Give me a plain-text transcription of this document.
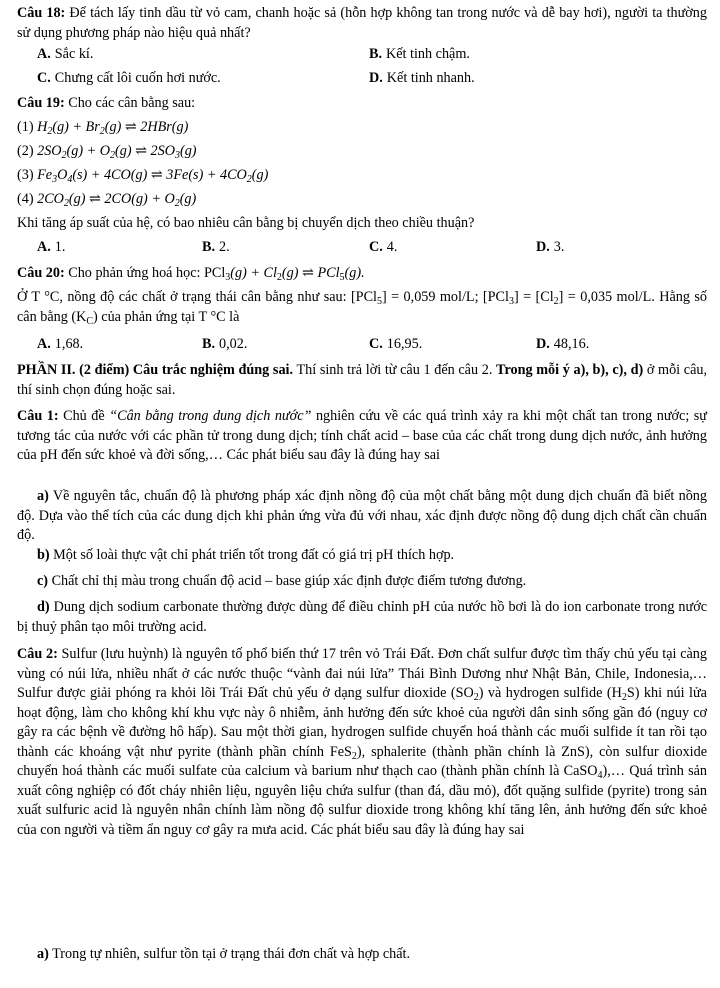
Câu 18: Để tách lấy tinh dầu từ vỏ cam, chanh hoặc sả (hỗn hợp không tan trong nước và dễ bay hơi), người ta thường sử dụng phương pháp nào hiệu quả nhất?
A. Sắc kí.	B. Kết tinh chậm.
C. Chưng cất lôi cuốn hơi nước.	D. Kết tinh nhanh.
Câu 19: Cho các cân bằng sau:
(1) $H_2(g) + Br_2(g)$ ⇌ 2HBr(g)
(2) $2SO_2(g) + O_2(g)$ ⇌ $2SO_3(g)$
(3) $Fe_3O_4(s) + 4CO(g)$ ⇌ $3Fe(s) + 4CO_2(g)$
(4) $2CO_2(g)$ ⇌ $2CO(g) + O_2(g)$
Khi tăng áp suất của hệ, có bao nhiêu cân bằng bị chuyển dịch theo chiều thuận?
A. 1.	B. 2.	C. 4.	D. 3.
Câu 20: Cho phản ứng hoá học: $PCl_3(g) + Cl_2(g)$ ⇌ PCl$_5$(g).
Ở T °C, nồng độ các chất ở trạng thái cân bằng như sau: [PCl$_5$] = 0,059 mol/L; $[PCl_3] = [Cl_2] = 0,035$ mol/L. Hằng số cân bằng $(K_C)$ của phản ứng tại T °C là
A. 1,68.	B. 0,02.	C. 16,95.	D. 48,16.
PHẦN II. (2 điểm) Câu trắc nghiệm đúng sai. Thí sinh trả lời từ câu 1 đến câu 2. Trong mỗi ý a), b), c), d) ở mỗi câu, thí sinh chọn đúng hoặc sai.
Câu 1: Chủ đề “Cân bằng trong dung dịch nước” nghiên cứu về các quá trình xảy ra khi một chất tan trong nước; sự tương tác của nước với các phần tử trong dung dịch; tính chất acid – base của các chất trong dung dịch nước, ảnh hưởng của pH đến sức khoẻ và đời sống,… Các phát biểu sau đây là đúng hay sai
a) Về nguyên tắc, chuẩn độ là phương pháp xác định nồng độ của một chất bằng một dung dịch chuẩn đã biết nồng độ. Dựa vào thể tích của các dung dịch khi phản ứng vừa đủ với nhau, xác định được nồng độ dung dịch chất cần chuẩn độ.
b) Một số loài thực vật chỉ phát triển tốt trong đất có giá trị pH thích hợp.
c) Chất chỉ thị màu trong chuẩn độ acid – base giúp xác định được điểm tương đương.
d) Dung dịch sodium carbonate thường được dùng để điều chỉnh pH của nước hồ bơi là do ion carbonate trong nước bị thuỷ phân tạo môi trường acid.
Câu 2: Sulfur (lưu huỳnh) là nguyên tố phổ biến thứ 17 trên vỏ Trái Đất. Đơn chất sulfur được tìm thấy chủ yếu tại càng vùng có núi lửa, nhiều nhất ở các nước thuộc “vành đai núi lửa” Thái Bình Dương như Nhật Bản, Chile, Indonesia,… Sulfur được giải phóng ra khỏi lõi Trái Đất chủ yếu ở dạng sulfur dioxide $(SO_2)$ và hydrogen sulfide $(H_2S)$ khi núi lửa hoạt động, làm cho không khí khu vực này ô nhiễm, ảnh hưởng đến sức khoẻ của người dân sinh sống gần đó (nguy cơ gây ra các bệnh về đường hô hấp). Sau một thời gian, hydrogen sulfide chuyển hoá thành các muối sulfide ít tan rồi tạo thành các khoáng vật như pyrite (thành phần chính FeS$_2$), sphalerite (thành phần chính là ZnS), còn sulfur dioxide chuyển hoá thành các muối sulfate của calcium và barium như thạch cao (thành phần chính là CaSO$_4$),… Quá trình sản xuất công nghiệp có đốt cháy nhiên liệu, nguyên liệu chứa sulfur (than đá, dầu mỏ), đốt quặng sulfide (pyrite) trong sản xuất sulfuric acid là nguyên nhân chính làm nồng độ sulfur dioxide trong không khí tăng lên, ảnh hưởng đến sức khoẻ của con người và tiềm ẩn nguy cơ gây ra mưa acid. Các phát biểu sau đây là đúng hay sai
a) Trong tự nhiên, sulfur tồn tại ở trạng thái đơn chất và hợp chất.
